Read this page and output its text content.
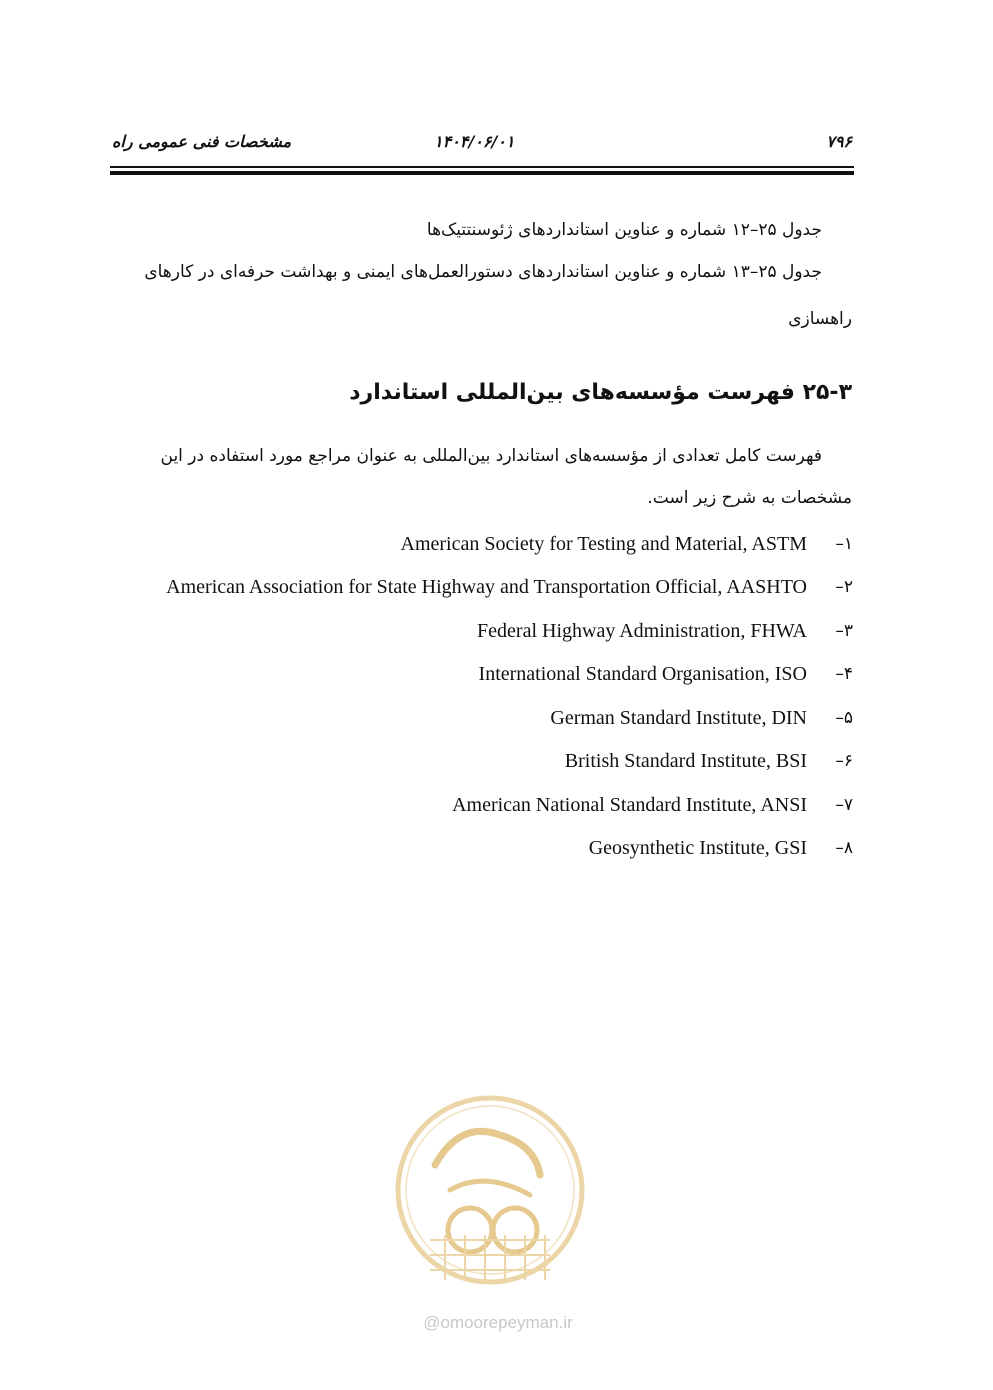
۷۹۶
۱۴۰۴/۰۶/۰۱
مشخصات فنی عمومی راه
جدول ۲۵–۱۲ شماره و عناوین استانداردهای ژئوسنتتیک‌ها
جدول ۲۵–۱۳ شماره و عناوین استانداردهای دستورالعمل‌های ایمنی و بهداشت حرفه‌ای در کارهای
راهسازی
۲۵-۳ فهرست مؤسسه‌های بین‌المللی استاندارد
فهرست کامل تعدادی از مؤسسه‌های استاندارد بین‌المللی به عنوان مراجع مورد استفاده در این
مشخصات به شرح زیر است.
American Society for Testing and Material, ASTM	۱–
American Association for State Highway and Transportation Official, AASHTO	۲–
Federal Highway Administration, FHWA	۳–
International Standard Organisation, ISO	۴–
German Standard Institute, DIN	۵–
British Standard Institute, BSI	۶–
American National Standard Institute, ANSI	۷–
Geosynthetic Institute, GSI	۸–
@omoorepeyman.ir
